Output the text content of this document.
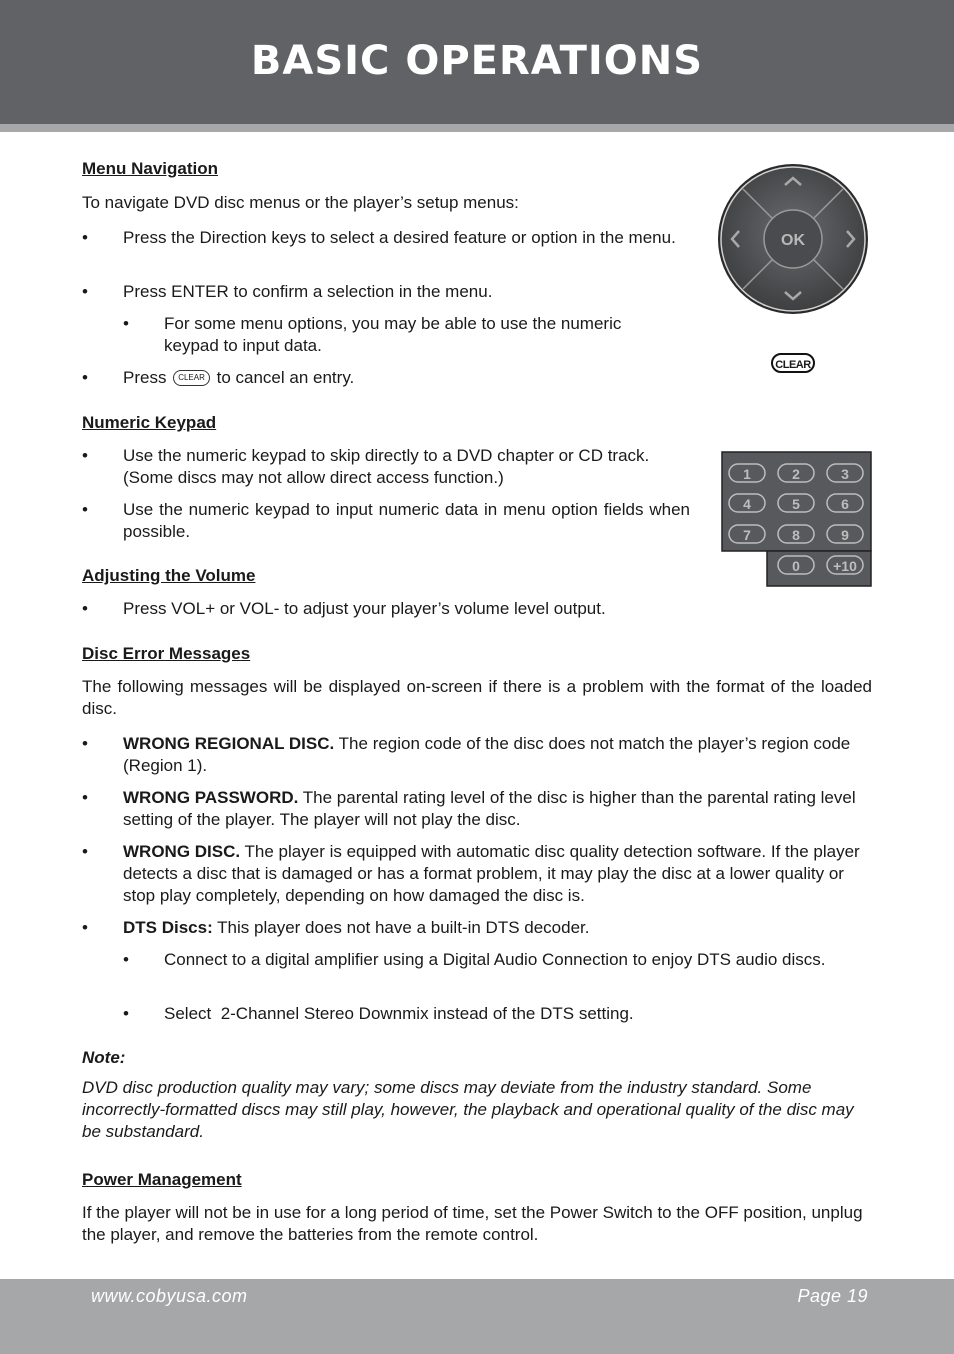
BASIC OPERATIONS
Menu Navigation
To navigate DVD disc menus or the player’s setup menus:
• Press the Direction keys to select a desired feature or option in the menu.
• Press ENTER to confirm a selection in the menu.
• For some menu options, you may be able to use the numeric keypad to input data.
• Press CLEAR to cancel an entry.
OK
CLEAR
Numeric Keypad
• Use the numeric keypad to skip directly to a DVD chapter or CD track. (Some discs may not allow direct access function.)
• Use the numeric keypad to input numeric data in menu option fields when possible.
1	2	3
4	5	6
7	8	9
0 +10
Adjusting the Volume
• Press VOL+ or VOL- to adjust your player’s volume level output.
Disc Error Messages
The following messages will be displayed on-screen if there is a problem with the format of the loaded disc.
• WRONG REGIONAL DISC. The region code of the disc does not match the player’s region code (Region 1).
• WRONG PASSWORD. The parental rating level of the disc is higher than the parental rating level setting of the player. The player will not play the disc.
• WRONG DISC. The player is equipped with automatic disc quality detection software. If the player detects a disc that is damaged or has a format problem, it may play the disc at a lower quality or stop play completely, depending on how damaged the disc is.
• DTS Discs: This player does not have a built-in DTS decoder.
• Connect to a digital amplifier using a Digital Audio Connection to enjoy DTS audio discs.
• Select  2-Channel Stereo Downmix instead of the DTS setting.
Note:
DVD disc production quality may vary; some discs may deviate from the industry standard. Some incorrectly-formatted discs may still play, however, the playback and operational quality of the disc may be substandard.
Power Management
If the player will not be in use for a long period of time, set the Power Switch to the OFF position, unplug the player, and remove the batteries from the remote control.
www.cobyusa.com	Page 19
